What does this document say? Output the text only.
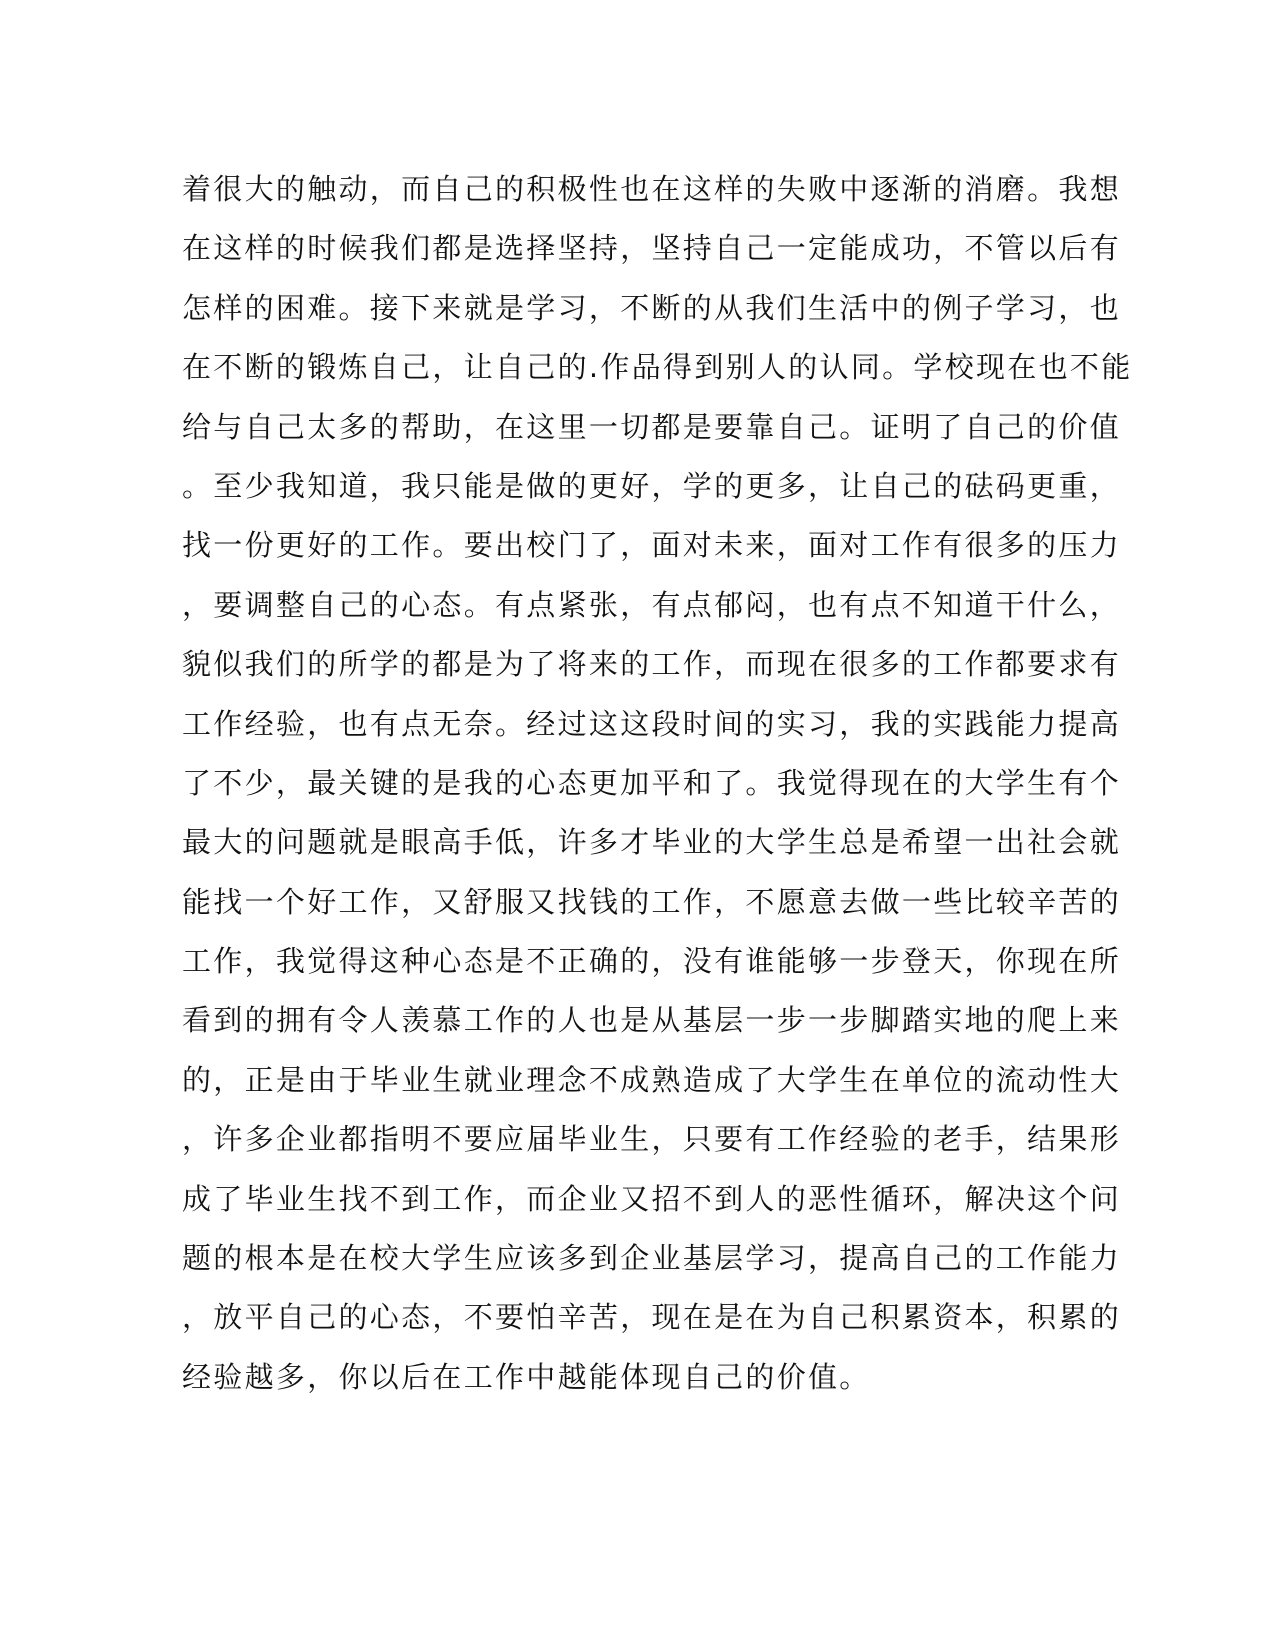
着很大的触动，而自己的积极性也在这样的失败中逐渐的消磨。我想
在这样的时候我们都是选择坚持，坚持自己一定能成功，不管以后有
怎样的困难。接下来就是学习，不断的从我们生活中的例子学习，也
在不断的锻炼自己，让自己的.作品得到别人的认同。学校现在也不能
给与自己太多的帮助，在这里一切都是要靠自己。证明了自己的价值
。至少我知道，我只能是做的更好，学的更多，让自己的砝码更重，
找一份更好的工作。要出校门了，面对未来，面对工作有很多的压力
，要调整自己的心态。有点紧张，有点郁闷，也有点不知道干什么，
貌似我们的所学的都是为了将来的工作，而现在很多的工作都要求有
工作经验，也有点无奈。经过这这段时间的实习，我的实践能力提高
了不少，最关键的是我的心态更加平和了。我觉得现在的大学生有个
最大的问题就是眼高手低，许多才毕业的大学生总是希望一出社会就
能找一个好工作，又舒服又找钱的工作，不愿意去做一些比较辛苦的
工作，我觉得这种心态是不正确的，没有谁能够一步登天，你现在所
看到的拥有令人羡慕工作的人也是从基层一步一步脚踏实地的爬上来
的，正是由于毕业生就业理念不成熟造成了大学生在单位的流动性大
，许多企业都指明不要应届毕业生，只要有工作经验的老手，结果形
成了毕业生找不到工作，而企业又招不到人的恶性循环，解决这个问
题的根本是在校大学生应该多到企业基层学习，提高自己的工作能力
，放平自己的心态，不要怕辛苦，现在是在为自己积累资本，积累的
经验越多，你以后在工作中越能体现自己的价值。
